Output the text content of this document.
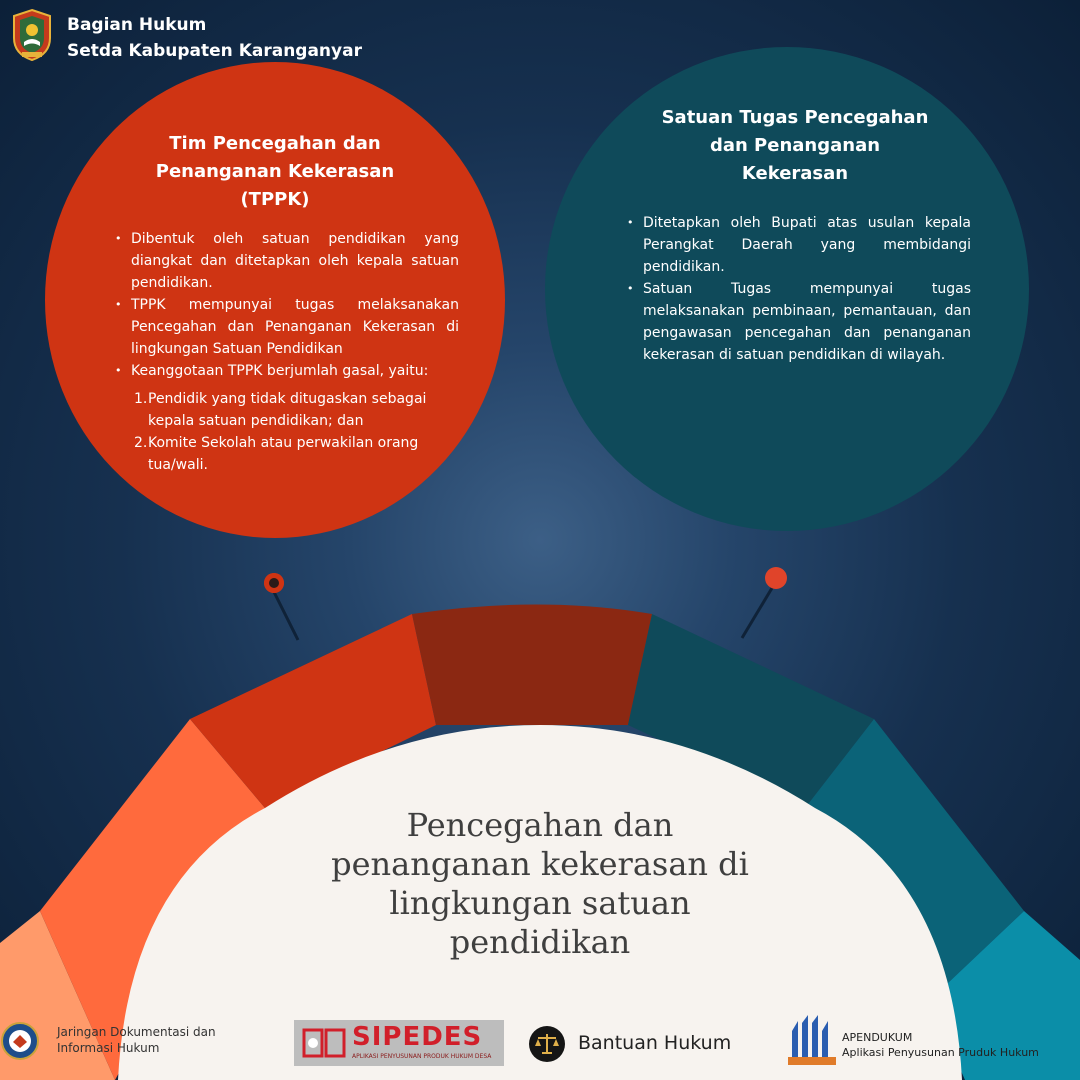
Bagian Hukum
Setda Kabupaten Karanganyar
Tim Pencegahan dan
Penanganan Kekerasan
(TPPK)
• Dibentuk oleh satuan pendidikan yang diangkat dan ditetapkan oleh kepala satuan pendidikan.
• TPPK mempunyai tugas melaksanakan Pencegahan dan Penanganan Kekerasan di lingkungan Satuan Pendidikan
• Keanggotaan TPPK berjumlah gasal, yaitu:
1. Pendidik yang tidak ditugaskan sebagai kepala satuan pendidikan; dan
2. Komite Sekolah atau perwakilan orang tua/wali.
Satuan Tugas Pencegahan
dan Penanganan
Kekerasan
• Ditetapkan oleh Bupati atas usulan kepala Perangkat Daerah yang membidangi pendidikan.
• Satuan Tugas mempunyai tugas melaksanakan pembinaan, pemantauan, dan pengawasan pencegahan dan penanganan kekerasan di satuan pendidikan di wilayah.
Pencegahan dan
penanganan kekerasan di
lingkungan satuan
pendidikan
Jaringan Dokumentasi dan
Informasi Hukum	SIPEDES
APLIKASI PENYUSUNAN PRODUK HUKUM DESA
Bantuan Hukum	APENDUKUM
Aplikasi Penyusunan Pruduk Hukum
